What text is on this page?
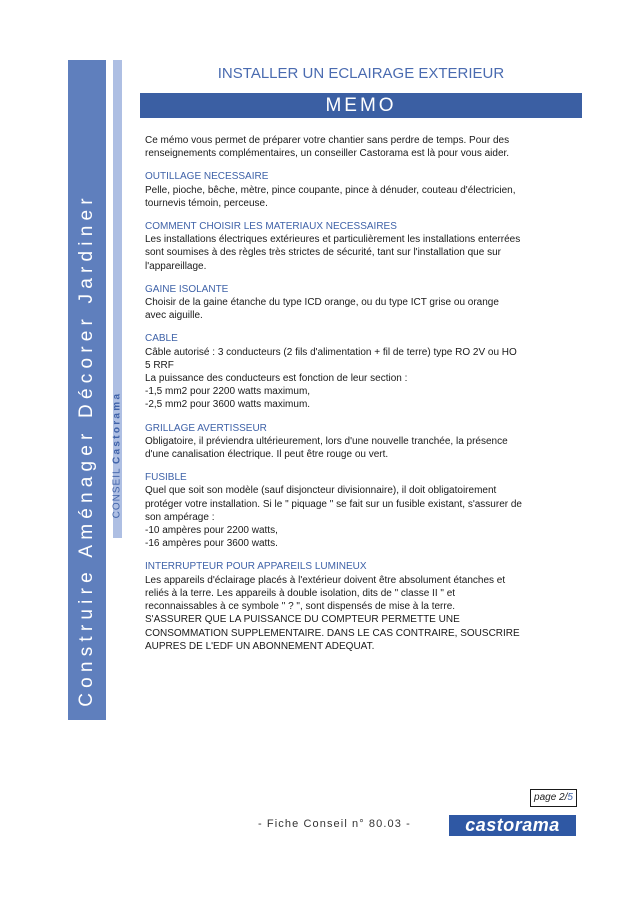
Construire Aménager Décorer Jardiner CONSEIL Castorama
INSTALLER UN ECLAIRAGE EXTERIEUR
MEMO

Ce mémo vous permet de préparer votre chantier sans perdre de temps. Pour des

renseignements complémentaires, un conseiller Castorama est là pour vous aider.

OUTILLAGE NECESSAIRE

Pelle, pioche, bêche, mètre, pince coupante, pince à dénuder, couteau d'électricien,

tournevis témoin, perceuse.

COMMENT CHOISIR LES MATERIAUX NECESSAIRES

Les installations électriques extérieures et particulièrement les installations enterrées

sont soumises à des règles très strictes de sécurité, tant sur l'installation que sur

l'appareillage.

GAINE ISOLANTE

Choisir de la gaine étanche du type ICD orange, ou du type ICT grise ou orange

avec aiguille.

CABLE

Câble autorisé : 3 conducteurs (2 fils d'alimentation + fil de terre) type RO 2V ou HO

5 RRF

La puissance des conducteurs est fonction de leur section :

-1,5 mm2 pour 2200 watts maximum,

-2,5 mm2 pour 3600 watts maximum.

GRILLAGE AVERTISSEUR

Obligatoire, il préviendra ultérieurement, lors d'une nouvelle tranchée, la présence

d'une canalisation électrique. Il peut être rouge ou vert.

FUSIBLE

Quel que soit son modèle (sauf disjoncteur divisionnaire), il doit obligatoirement

protéger votre installation. Si le " piquage " se fait sur un fusible existant, s'assurer de

son ampérage :

-10 ampères pour 2200 watts,

-16 ampères pour 3600 watts.

INTERRUPTEUR POUR APPAREILS LUMINEUX

Les appareils d'éclairage placés à l'extérieur doivent être absolument étanches et

reliés à la terre. Les appareils à double isolation, dits de " classe II " et

reconnaissables à ce symbole " ? ", sont dispensés de mise à la terre.

S'ASSURER QUE LA PUISSANCE DU COMPTEUR PERMETTE UNE

CONSOMMATION SUPPLEMENTAIRE. DANS LE CAS CONTRAIRE, SOUSCRIRE

AUPRES DE L'EDF UN ABONNEMENT ADEQUAT.

page 2/5
- Fiche Conseil n° 80.03 -	castorama
